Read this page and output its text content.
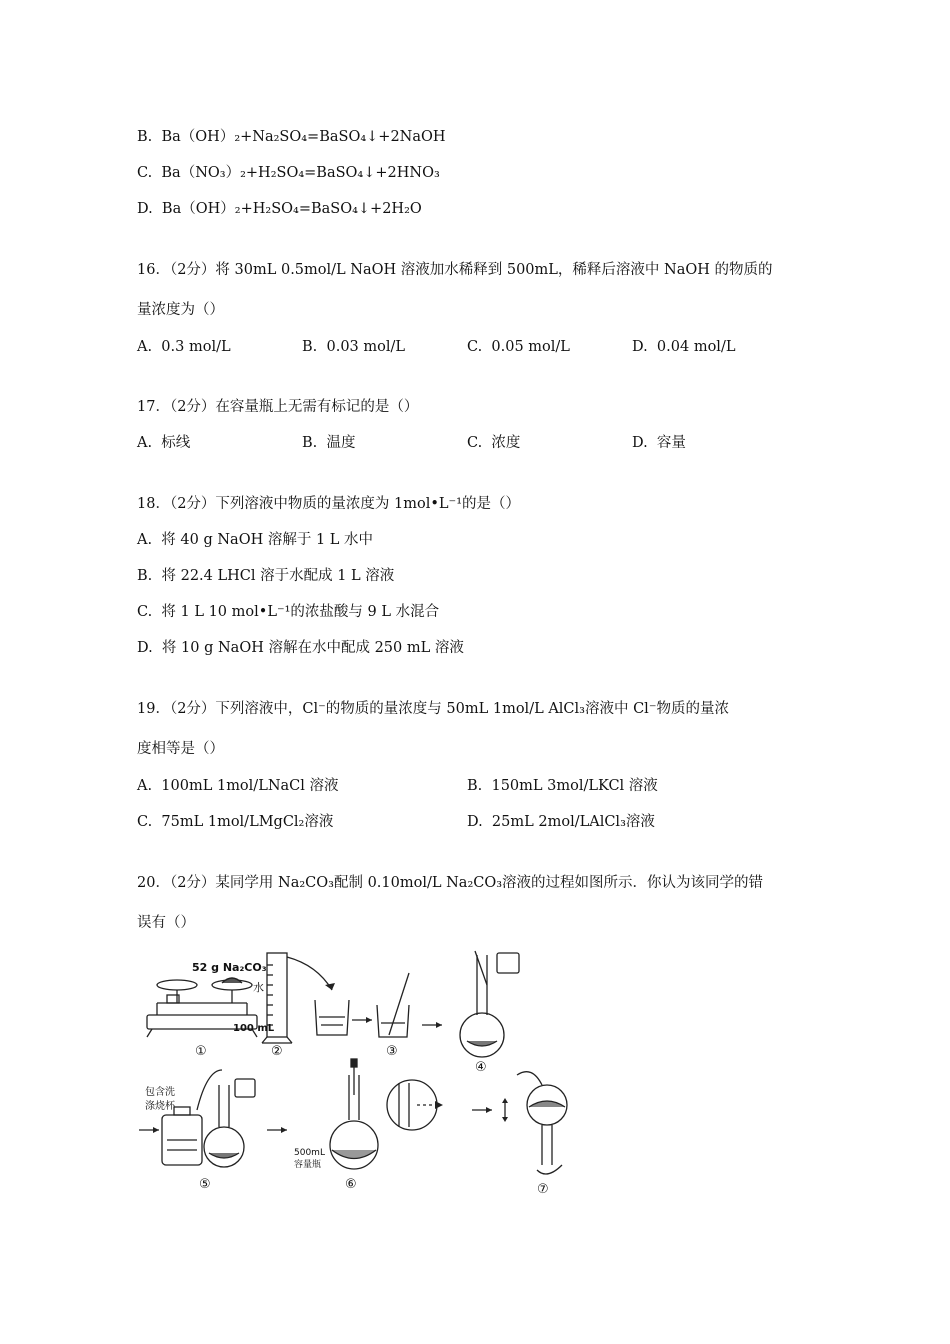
B.  Ba（OH）₂+Na₂SO₄=BaSO₄↓+2NaOH
C.  Ba（NO₃）₂+H₂SO₄=BaSO₄↓+2HNO₃
D.  Ba（OH）₂+H₂SO₄=BaSO₄↓+2H₂O
16．（2分）将 30mL 0.5mol/L NaOH 溶液加水稀释到 500mL，稀释后溶液中 NaOH 的物质的
量浓度为（）
A.  0.3 mol/L	B.  0.03 mol/L	C.  0.05 mol/L	D.  0.04 mol/L
17．（2分）在容量瓶上无需有标记的是（）
A.  标线	B.  温度	C.  浓度	D.  容量
18．（2分）下列溶液中物质的量浓度为 1mol•L⁻¹的是（）
A.  将 40 g NaOH 溶解于 1 L 水中
B.  将 22.4 LHCl 溶于水配成 1 L 溶液
C.  将 1 L 10 mol•L⁻¹的浓盐酸与 9 L 水混合
D.  将 10 g NaOH 溶解在水中配成 250 mL 溶液
19．（2分）下列溶液中，Cl⁻的物质的量浓度与 50mL 1mol/L AlCl₃溶液中 Cl⁻物质的量浓
度相等是（）
A.  100mL 1mol/LNaCl 溶液	B.  150mL 3mol/LKCl 溶液
C.  75mL 1mol/LMgCl₂溶液	D.  25mL 2mol/LAlCl₃溶液
20．（2分）某同学用 Na₂CO₃配制 0.10mol/L Na₂CO₃溶液的过程如图所示．你认为该同学的错
误有（）
52 g Na₂CO₃
水
100 mL
①	②	③
④
包含洗
涤烧杯
500mL
容量瓶
⑤	⑥	⑦
